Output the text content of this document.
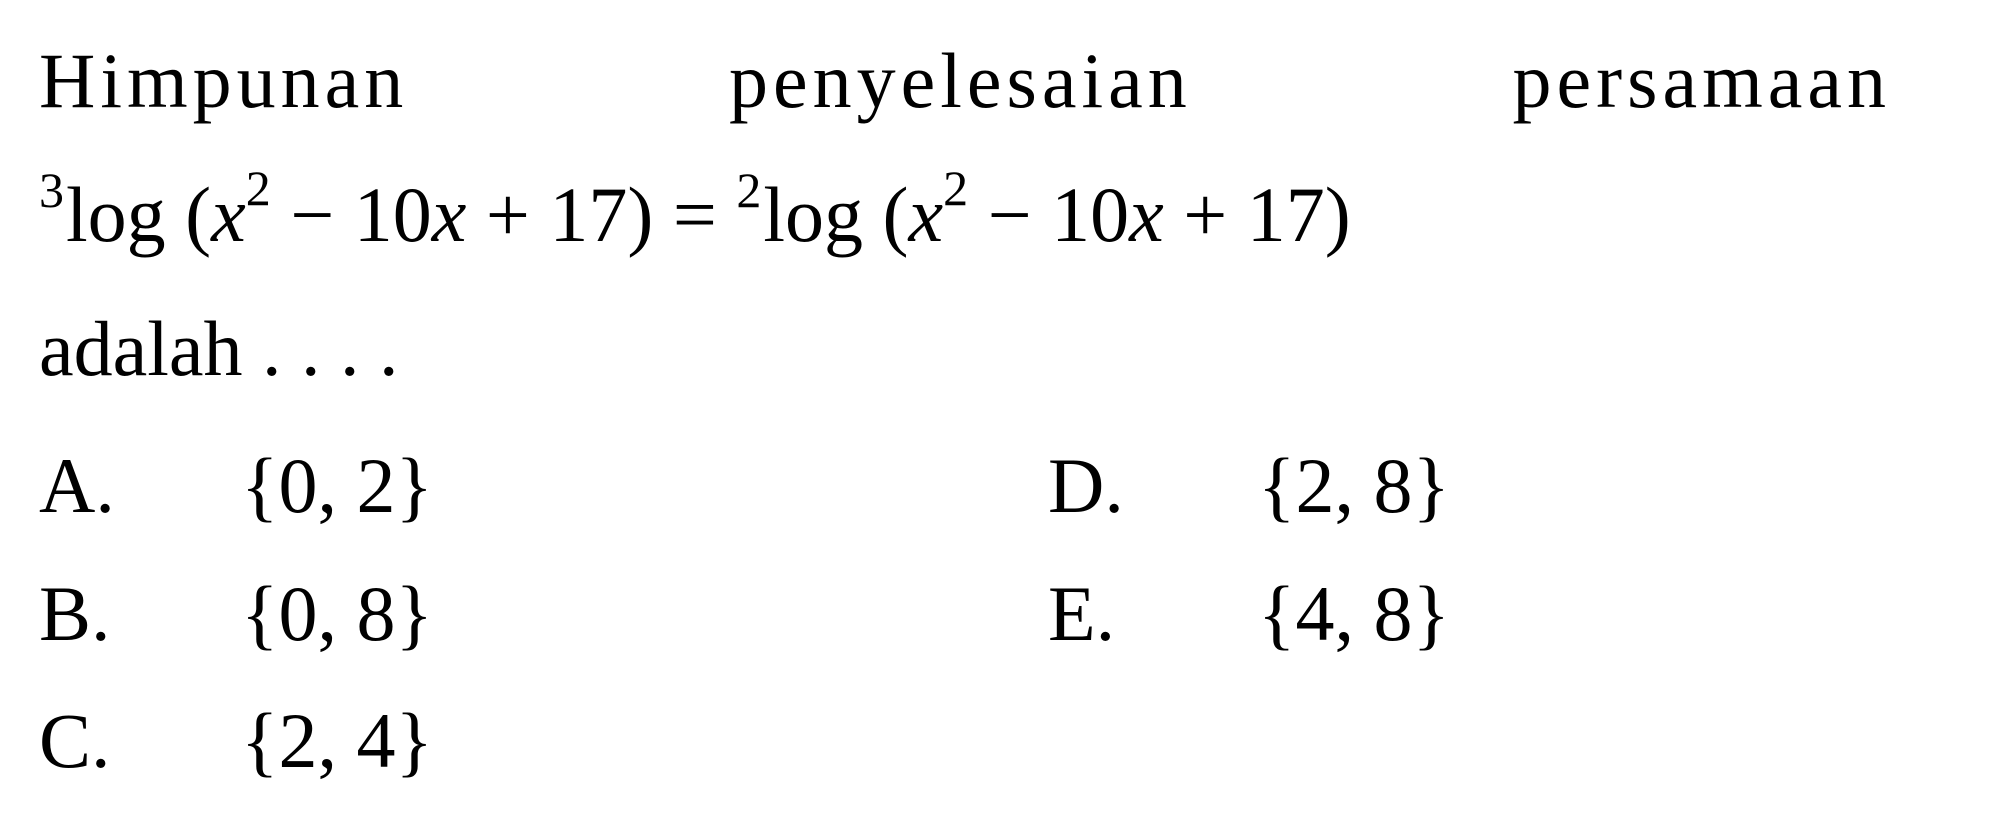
Himpunan	penyelesaian	persamaan
$^3$log $(x^2 - 10x + 17) = ^2\log$ $(x^2 - 10x + 17)$
adalah . . . .
A. {0, 2}
B. {0, 8}
C. {2, 4}
D. {2, 8}
E. {4, 8}
